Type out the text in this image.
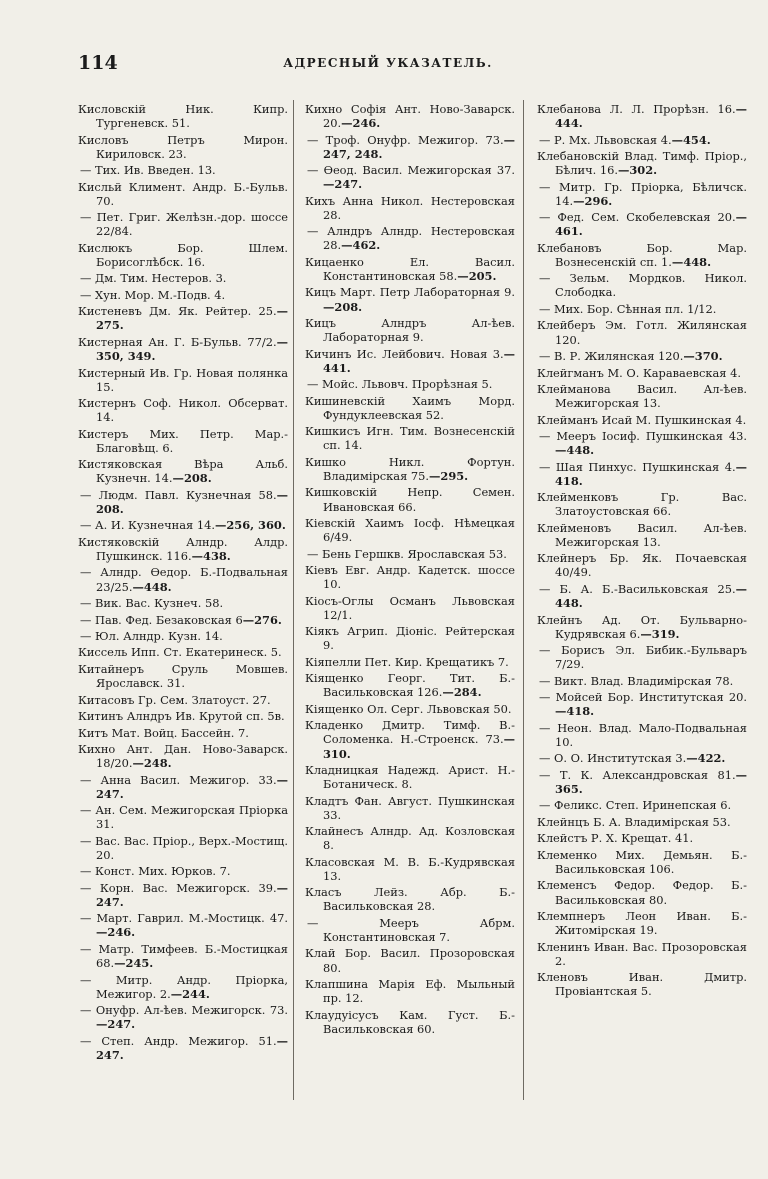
114	АДРЕСНЫЙ УКАЗАТЕЛЬ.
Кисловскій Ник. Кипр. Тургеневск. 51.
Кисловъ Петръ Мирон. Кириловск. 23.
— Тих. Ив. Введен. 13.
Кисльй Климент. Андр. Б.-Бульв. 70.
— Пет. Григ. Желѣзн.-дор. шоссе 22/84.
Кислюкъ Бор. Шлем. Борисоглѣбск. 16.
— Дм. Тим. Нестеров. 3.
— Хун. Мор. М.-Подв. 4.
Кистеневъ Дм. Як. Рейтер. 25.—275.
Кистерная Ан. Г. Б-Бульв. 77/2.—350, 349.
Кистерный Ив. Гр. Новая полянка 15.
Кистернъ Соф. Никол. Обсерват. 14.
Кистеръ Мих. Петр. Мар.-Благовѣщ. 6.
Кистяковская Вѣра Альб. Кузнечн. 14.—208.
— Людм. Павл. Кузнечная 58.—208.
— А. И. Кузнечная 14.—256, 360.
Кистяковскій Алндр. Алдр. Пушкинск. 116.—438.
— Алндр. Өедор. Б.-Подвальная 23/25.—448.
— Вик. Вас. Кузнеч. 58.
— Пав. Фед. Безаковская 6—276.
— Юл. Алндр. Кузн. 14.
Киссель Ипп. Ст. Екатеринеск. 5.
Китайнеръ Сруль Мовшев. Ярославск. 31.
Китасовъ Гр. Сем. Златоуст. 27.
Китинъ Алндръ Ив. Крутой сп. 5в.
Китъ Мат. Войц. Бассейн. 7.
Кихно Ант. Дан. Ново-Заварск. 18/20.—248.
— Анна Васил. Межигор. 33.—247.
— Ан. Сем. Межигорская Пріорка 31.
— Вас. Вас. Пріор., Верх.-Мостищ. 20.
— Конст. Мих. Юрков. 7.
— Корн. Вас. Межигорск. 39.—247.
— Март. Гаврил. М.-Мостицк. 47.—246.
— Матр. Тимфеев. Б.-Мостицкая 68.—245.
— Митр. Андр. Пріорка, Межигор. 2.—244.
— Онуфр. Ал-ѣев. Межигорск. 73.—247.
— Степ. Андр. Межигор. 51.—247.
Кихно Софія Ант. Ново-Заварск. 20.—246.
— Троф. Онуфр. Межигор. 73.—247, 248.
— Өеод. Васил. Межигорская 37.—247.
Кихъ Анна Никол. Нестеровская 28.
— Алндръ Алндр. Нестеровская 28.—462.
Кицаенко Ел. Васил. Константиновская 58.—205.
Кицъ Март. Петр Лабораторная 9.—208.
Кицъ Алндръ Ал-ѣев. Лабораторная 9.
Кичинъ Ис. Лейбович. Новая 3.—441.
— Мойс. Львовч. Прорѣзная 5.
Кишиневскій Хаимъ Морд. Фундуклеевская 52.
Кишкисъ Игн. Тим. Вознесенскій сп. 14.
Кишко Никл. Фортун. Владимірская 75.—295.
Кишковскій Непр. Семен. Ивановская 66.
Кіевскій Хаимъ Іосф. Нѣмецкая 6/49.
— Бень Гершкв. Ярославская 53.
Кіевъ Евг. Андр. Кадетск. шоссе 10.
Кіосъ-Оглы Османъ Львовская 12/1.
Кіякъ Агрип. Діоніс. Рейтерская 9.
Кіяпелли Пет. Кир. Крещатикъ 7.
Кіященко Георг. Тит. Б.-Васильковская 126.—284.
Кіященко Ол. Серг. Львовская 50.
Кладенко Дмитр. Тимф. В.-Соломенка. Н.-Строенск. 73.—310.
Кладницкая Надежд. Арист. Н.-Ботаническ. 8.
Кладтъ Фан. Август. Пушкинская 33.
Клайнесъ Алндр. Ад. Козловская 8.
Класовская М. В. Б.-Кудрявская 13.
Класъ Лейз. Абр. Б.-Васильковская 28.
— Мееръ Абрм. Константиновская 7.
Клай Бор. Васил. Прозоровская 80.
Клапшина Марія Еф. Мыльный пр. 12.
Клаудуісусъ Кам. Густ. Б.-Васильковская 60.
Клебанова Л. Л. Прорѣзн. 16.—444.
— Р. Мх. Львовская 4.—454.
Клебановскій Влад. Тимф. Пріор., Бѣлич. 16.—302.
— Митр. Гр. Пріорка, Бѣличск. 14.—296.
— Фед. Сем. Скобелевская 20.—461.
Клебановъ Бор. Мар. Вознесенскій сп. 1.—448.
— Зельм. Мордков. Никол. Слободка.
— Мих. Бор. Сѣнная пл. 1/12.
Клейберъ Эм. Готл. Жилянская 120.
— В. Р. Жилянская 120.—370.
Клейгманъ М. О. Караваевская 4.
Клейманова Васил. Ал-ѣев. Межигорская 13.
Клейманъ Исай М. Пушкинская 4.
— Мееръ Іосиф. Пушкинская 43.—448.
— Шая Пинхус. Пушкинская 4.—418.
Клейменковъ Гр. Вас. Златоустовская 66.
Клейменовъ Васил. Ал-ѣев. Межигорская 13.
Клейнеръ Бр. Як. Почаевская 40/49.
— Б. А. Б.-Васильковская 25.—448.
Клейнъ Ад. От. Бульварно-Кудрявская 6.—319.
— Борисъ Эл. Бибик.-Бульваръ 7/29.
— Викт. Влад. Владимірская 78.
— Мойсей Бор. Институтская 20.—418.
— Неон. Влад. Мало-Подвальная 10.
— О. О. Институтская 3.—422.
— Т. К. Александровская 81.—365.
— Феликс. Степ. Иринепская 6.
Клейнцъ Б. А. Владимірская 53.
Клейстъ Р. Х. Крещат. 41.
Клеменко Мих. Демьян. Б.-Васильковская 106.
Клеменсъ Федор. Федор. Б.-Васильковская 80.
Клемпнеръ Леон Иван. Б.-Житомірская 19.
Кленинъ Иван. Вас. Прозоровская 2.
Кленовъ Иван. Дмитр. Провіантская 5.
